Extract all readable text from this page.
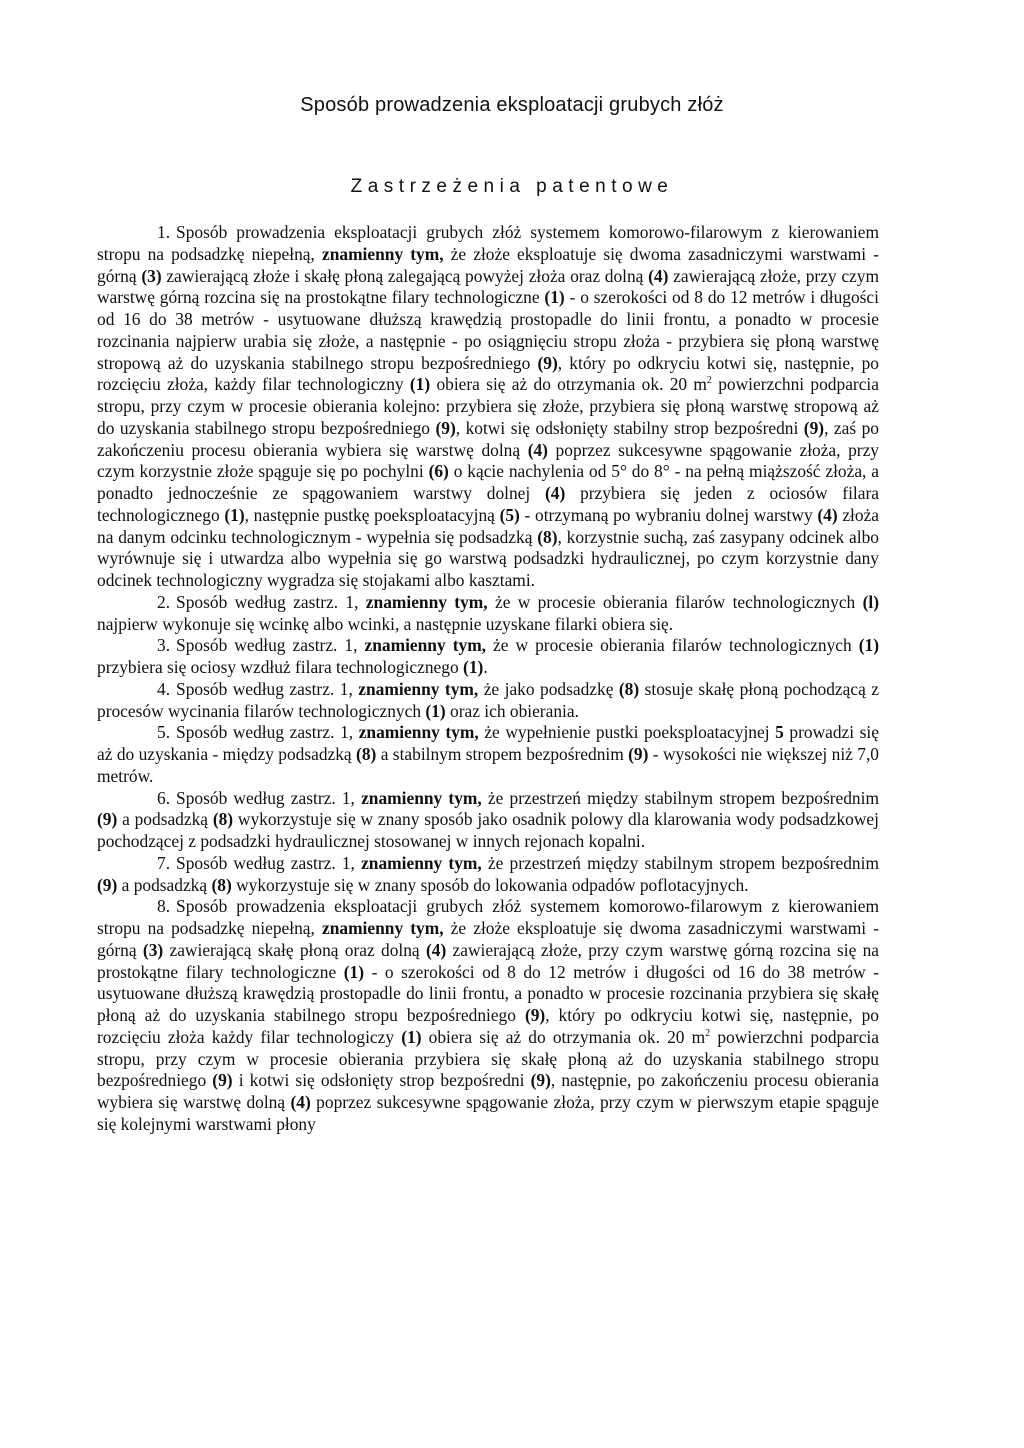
Sposób prowadzenia eksploatacji grubych złóż
Zastrzeżenia patentowe

1. Sposób prowadzenia eksploatacji grubych złóż systemem komorowo-filarowym z kierowaniem stropu na podsadzkę niepełną, znamienny tym, że złoże eksploatuje się dwoma zasadniczymi warstwami - górną (3) zawierającą złoże i skałę płoną zalegającą powyżej złoża oraz dolną (4) zawierającą złoże, przy czym warstwę górną rozcina się na prostokątne filary technologiczne (1) - o szerokości od 8 do 12 metrów i długości od 16 do 38 metrów - usytuowane dłuższą krawędzią prostopadle do linii frontu, a ponadto w procesie rozcinania najpierw urabia się złoże, a następnie - po osiągnięciu stropu złoża - przybiera się płoną warstwę stropową aż do uzyskania stabilnego stropu bezpośredniego (9), który po odkryciu kotwi się, następnie, po rozcięciu złoża, każdy filar technologiczny (1) obiera się aż do otrzymania ok. 20 $m^2$ powierzchni podparcia stropu, przy czym w procesie obierania kolejno: przybiera się złoże, przybiera się płoną warstwę stropową aż do uzyskania stabilnego stropu bezpośredniego (9), kotwi się odsłonięty stabilny strop bezpośredni (9), zaś po zakończeniu procesu obierania wybiera się warstwę dolną (4) poprzez sukcesywne spągowanie złoża, przy czym korzystnie złoże spąguje się po pochylni (6) o kącie nachylenia od 5° do 8° - na pełną miąższość złoża, a ponadto jednocześnie ze spągowaniem warstwy dolnej (4) przybiera się jeden z ociosów filara technologicznego (1), następnie pustkę poeksploatacyjną (5) - otrzymaną po wybraniu dolnej warstwy (4) złoża na danym odcinku technologicznym - wypełnia się podsadzką (8), korzystnie suchą, zaś zasypany odcinek albo wyrównuje się i utwardza albo wypełnia się go warstwą podsadzki hydraulicznej, po czym korzystnie dany odcinek technologiczny wygradza się stojakami albo kasztami.

2. Sposób według zastrz. 1, znamienny tym, że w procesie obierania filarów technologicznych (l) najpierw wykonuje się wcinkę albo wcinki, a następnie uzyskane filarki obiera się.

3. Sposób według zastrz. 1, znamienny tym, że w procesie obierania filarów technologicznych (1) przybiera się ociosy wzdłuż filara technologicznego (1).

4. Sposób według zastrz. 1, znamienny tym, że jako podsadzkę (8) stosuje skałę płoną pochodzącą z procesów wycinania filarów technologicznych (1) oraz ich obierania.

5. Sposób według zastrz. 1, znamienny tym, że wypełnienie pustki poeksploatacyjnej 5 prowadzi się aż do uzyskania - między podsadzką (8) a stabilnym stropem bezpośrednim (9) - wysokości nie większej niż 7,0 metrów.

6. Sposób według zastrz. 1, znamienny tym, że przestrzeń między stabilnym stropem bezpośrednim (9) a podsadzką (8) wykorzystuje się w znany sposób jako osadnik polowy dla klarowania wody podsadzkowej pochodzącej z podsadzki hydraulicznej stosowanej w innych rejonach kopalni.

7. Sposób według zastrz. 1, znamienny tym, że przestrzeń między stabilnym stropem bezpośrednim (9) a podsadzką (8) wykorzystuje się w znany sposób do lokowania odpadów poflotacyjnych.

8. Sposób prowadzenia eksploatacji grubych złóż systemem komorowo-filarowym z kierowaniem stropu na podsadzkę niepełną, znamienny tym, że złoże eksploatuje się dwoma zasadniczymi warstwami - górną (3) zawierającą skałę płoną oraz dolną (4) zawierającą złoże, przy czym warstwę górną rozcina się na prostokątne filary technologiczne (1) - o szerokości od 8 do 12 metrów i długości od 16 do 38 metrów - usytuowane dłuższą krawędzią prostopadle do linii frontu, a ponadto w procesie rozcinania przybiera się skałę płoną aż do uzyskania stabilnego stropu bezpośredniego (9), który po odkryciu kotwi się, następnie, po rozcięciu złoża każdy filar technologiczy (1) obiera się aż do otrzymania ok. 20 $m^2$ powierzchni podparcia stropu, przy czym w procesie obierania przybiera się skałę płoną aż do uzyskania stabilnego stropu bezpośredniego (9) i kotwi się odsłonięty strop bezpośredni (9), następnie, po zakończeniu procesu obierania wybiera się warstwę dolną (4) poprzez sukcesywne spągowanie złoża, przy czym w pierwszym etapie spąguje się kolejnymi warstwami płony
